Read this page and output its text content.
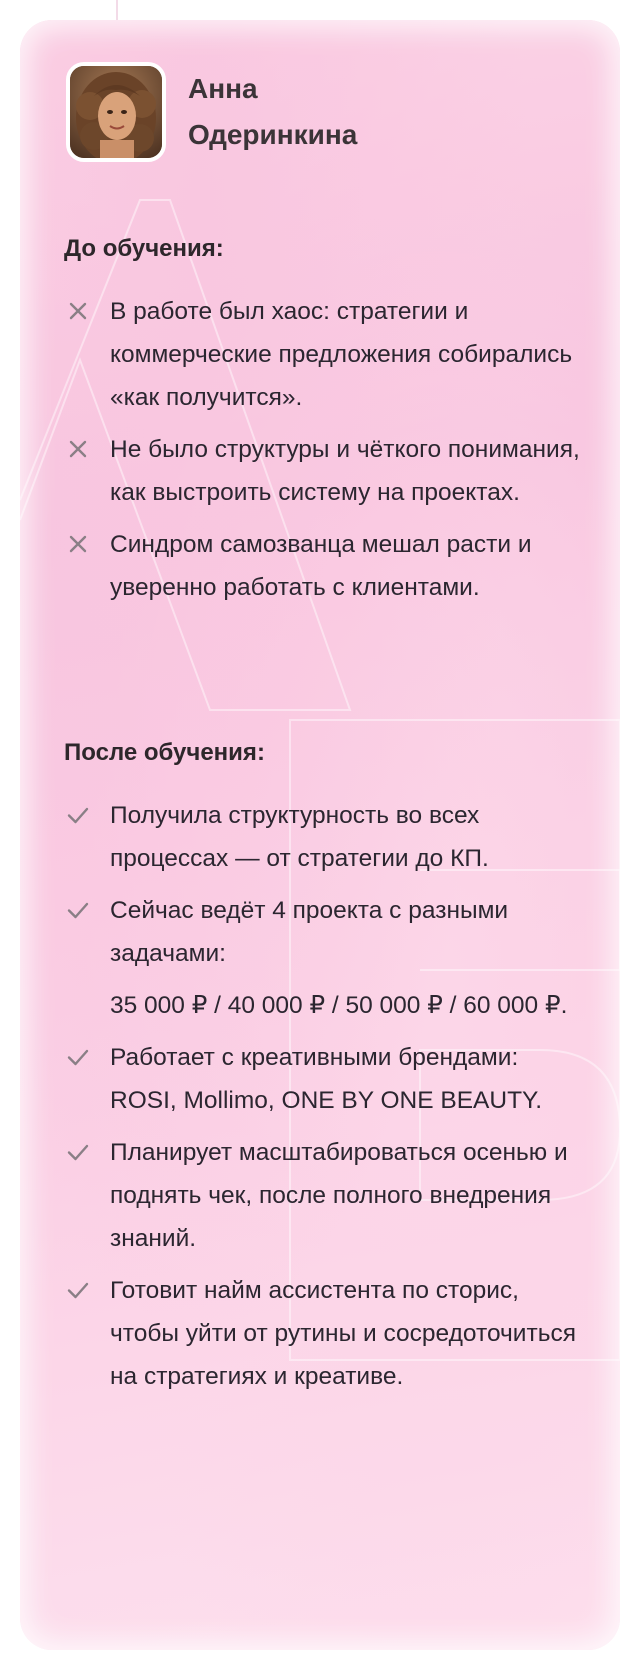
Анна
Одеринкина
До обучения:

В работе был хаос: стратегии и коммерческие предложения собирались «как получится».

Не было структуры и чёткого понимания, как выстроить систему на проектах.

Синдром самозванца мешал расти и уверенно работать с клиентами.

После обучения:

Получила структурность во всех процессах — от стратегии до КП.

Сейчас ведёт 4 проекта с разными задачами:

35 000 ₽ / 40 000 ₽ / 50 000 ₽ / 60 000 ₽.

Работает с креативными брендами: ROSI, Mollimo, ONE BY ONE BEAUTY.

Планирует масштабироваться осенью и поднять чек, после полного внедрения знаний.

Готовит найм ассистента по сторис, чтобы уйти от рутины и сосредоточиться на стратегиях и креативе.
